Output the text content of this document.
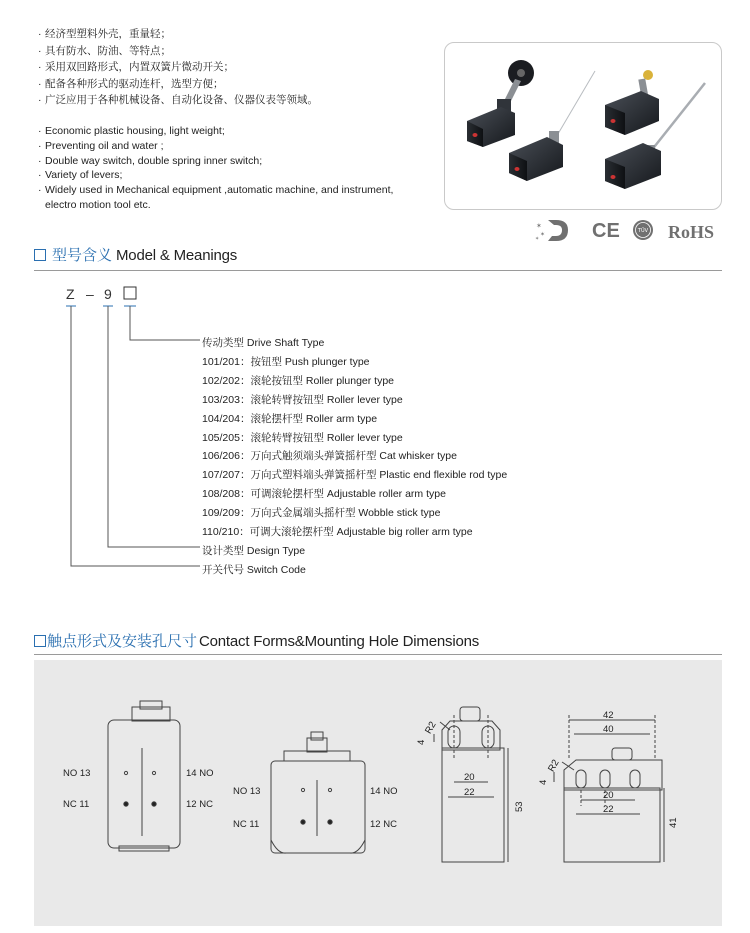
· 经济型塑料外壳，重量轻；
· 具有防水、防油、等特点；
· 采用双回路形式，内置双簧片微动开关；
· 配备各种形式的驱动连杆，选型方便；
· 广泛应用于各种机械设备、自动化设备、仪器仪表等领域。
· Economic plastic housing, light weight;
· Preventing oil and water ;
· Double way switch, double spring inner switch;
· Variety of levers;
· Widely used in Mechanical equipment ,automatic machine, and instrument,
electro motion tool etc.
✶
✶
✶	CE	TÜV RoHS
型号含义 Model & Meanings
Z – 9
传动类型 Drive Shaft Type
101/201：按钮型 Push plunger type
102/202：滚轮按钮型 Roller plunger type
103/203：滚轮转臂按钮型 Roller lever type
104/204：滚轮摆杆型 Roller arm type
105/205：滚轮转臂按钮型 Roller lever type
106/206：万向式触须端头弹簧摇杆型 Cat whisker type
107/207：万向式塑料端头弹簧摇杆型 Plastic end flexible rod type
108/208：可调滚轮摆杆型 Adjustable roller arm type
109/209：万向式金属端头摇杆型 Wobble stick type
110/210：可调大滚轮摆杆型 Adjustable big roller arm type
设计类型 Design Type
开关代号 Switch Code
触点形式及安装孔尺寸 Contact Forms&Mounting Hole Dimensions
NO 13	14 NO
NC 11	12 NC
NO 13	14 NO
NC 11	12 NC
R2
4
20
22
53
42
40
R2
4
20
22
41
